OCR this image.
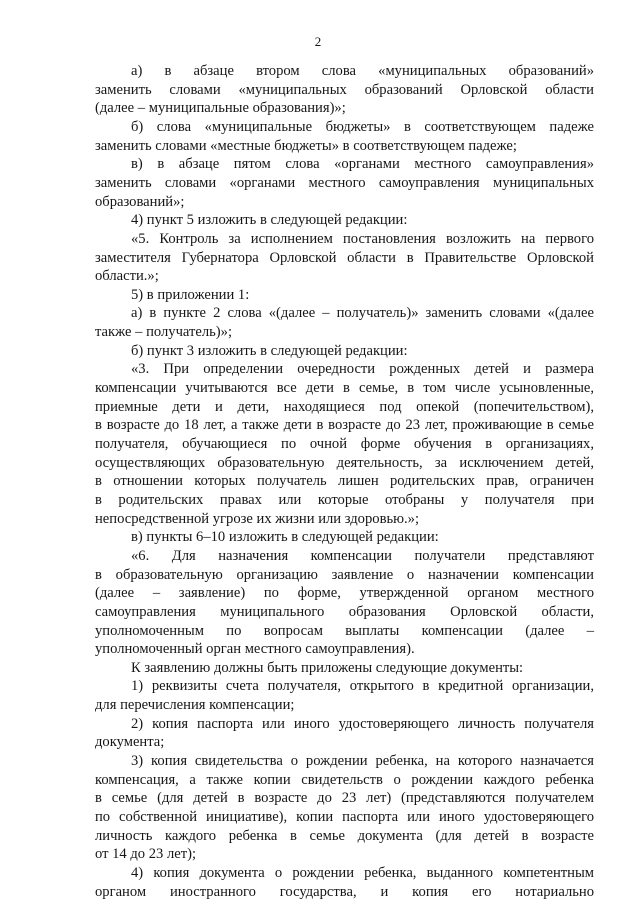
2
а) в абзаце втором слова «муниципальных образований»
заменить словами «муниципальных образований Орловской области
(далее – муниципальные образования)»;
б) слова «муниципальные бюджеты» в соответствующем падеже
заменить словами «местные бюджеты» в соответствующем падеже;
в) в абзаце пятом слова «органами местного самоуправления»
заменить словами «органами местного самоуправления муниципальных
образований»;
4) пункт 5 изложить в следующей редакции:
«5. Контроль за исполнением постановления возложить на первого
заместителя Губернатора Орловской области в Правительстве Орловской
области.»;
5) в приложении 1:
а) в пункте 2 слова «(далее – получатель)» заменить словами «(далее
также – получатель)»;
б) пункт 3 изложить в следующей редакции:
«3. При определении очередности рожденных детей и размера
компенсации учитываются все дети в семье, в том числе усыновленные,
приемные дети и дети, находящиеся под опекой (попечительством),
в возрасте до 18 лет, а также дети в возрасте до 23 лет, проживающие в семье
получателя, обучающиеся по очной форме обучения в организациях,
осуществляющих образовательную деятельность, за исключением детей,
в отношении которых получатель лишен родительских прав, ограничен
в родительских правах или которые отобраны у получателя при
непосредственной угрозе их жизни или здоровью.»;
в) пункты 6–10 изложить в следующей редакции:
«6. Для назначения компенсации получатели представляют
в образовательную организацию заявление о назначении компенсации
(далее – заявление) по форме, утвержденной органом местного
самоуправления муниципального образования Орловской области,
уполномоченным по вопросам выплаты компенсации (далее –
уполномоченный орган местного самоуправления).
К заявлению должны быть приложены следующие документы:
1) реквизиты счета получателя, открытого в кредитной организации,
для перечисления компенсации;
2) копия паспорта или иного удостоверяющего личность получателя
документа;
3) копия свидетельства о рождении ребенка, на которого назначается
компенсация, а также копии свидетельств о рождении каждого ребенка
в семье (для детей в возрасте до 23 лет) (представляются получателем
по собственной инициативе), копии паспорта или иного удостоверяющего
личность каждого ребенка в семье документа (для детей в возрасте
от 14 до 23 лет);
4) копия документа о рождении ребенка, выданного компетентным
органом иностранного государства, и копия его нотариально
